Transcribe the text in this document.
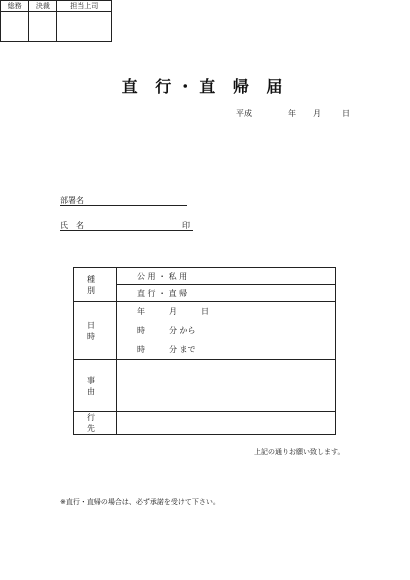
直 行・直 帰 届
平成	年 月	日
総務	決裁	担当上司

部署名
氏　名	印
種　別	公 用 ・ 私 用
	直 行 ・ 直 帰
日　時	年　　　月　　　日
時　　　分 から
時　　　分 まで

事　由	
行　先	
上記の通りお願い致します。
※直行・直帰の場合は、必ず承諾を受けて下さい。
